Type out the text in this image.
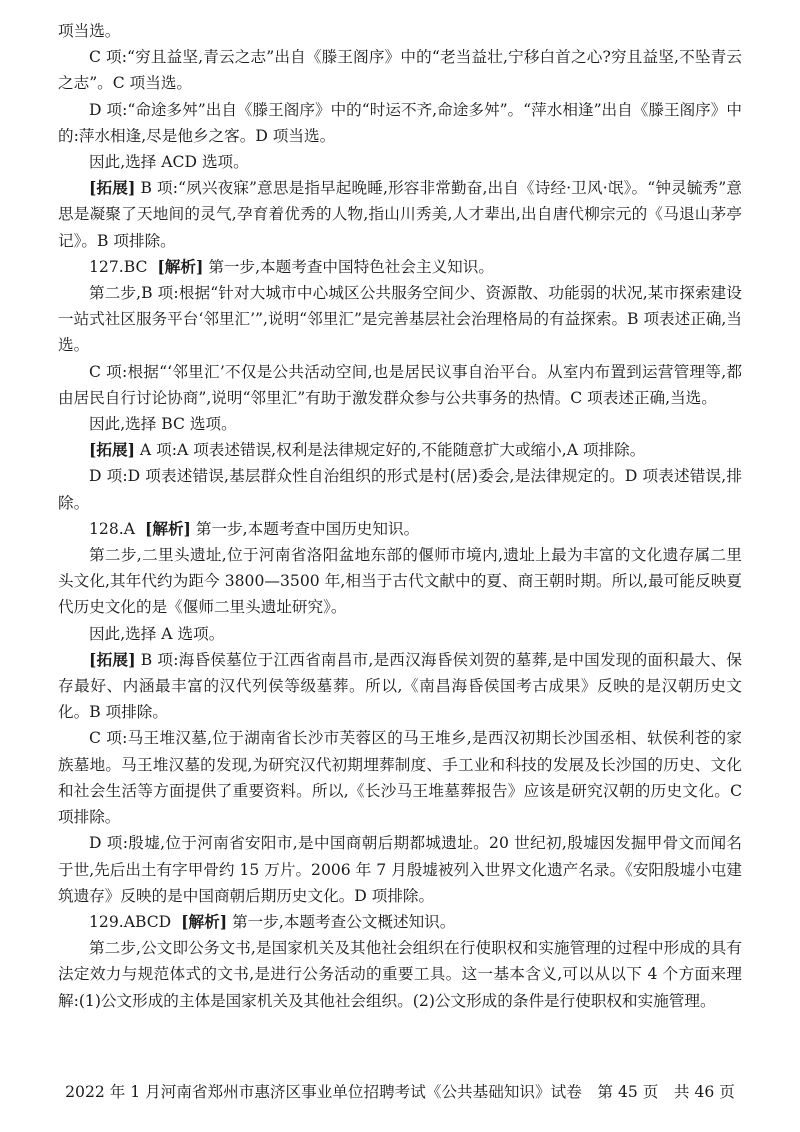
项当选。

C 项:“穷且益坚,青云之志”出自《滕王阁序》中的“老当益壮,宁移白首之心?穷且益坚,不坠青云之志”。C 项当选。

D 项:“命途多舛”出自《滕王阁序》中的“时运不齐,命途多舛”。“萍水相逢”出自《滕王阁序》中的:萍水相逢,尽是他乡之客。D 项当选。

因此,选择 ACD 选项。

[拓展] B 项:“夙兴夜寐”意思是指早起晚睡,形容非常勤奋,出自《诗经·卫风·氓》。“钟灵毓秀”意思是凝聚了天地间的灵气,孕育着优秀的人物,指山川秀美,人才辈出,出自唐代柳宗元的《马退山茅亭记》。B 项排除。

127.BC [解析] 第一步,本题考查中国特色社会主义知识。

第二步,B 项:根据“针对大城市中心城区公共服务空间少、资源散、功能弱的状况,某市探索建设一站式社区服务平台‘邻里汇’”,说明“邻里汇”是完善基层社会治理格局的有益探索。B 项表述正确,当选。

C 项:根据“‘邻里汇’不仅是公共活动空间,也是居民议事自治平台。从室内布置到运营管理等,都由居民自行讨论协商”,说明“邻里汇”有助于激发群众参与公共事务的热情。C 项表述正确,当选。

因此,选择 BC 选项。

[拓展] A 项:A 项表述错误,权利是法律规定好的,不能随意扩大或缩小,A 项排除。

D 项:D 项表述错误,基层群众性自治组织的形式是村(居)委会,是法律规定的。D 项表述错误,排除。

128.A [解析] 第一步,本题考查中国历史知识。

第二步,二里头遗址,位于河南省洛阳盆地东部的偃师市境内,遗址上最为丰富的文化遗存属二里头文化,其年代约为距今 3800—3500 年,相当于古代文献中的夏、商王朝时期。所以,最可能反映夏代历史文化的是《偃师二里头遗址研究》。

因此,选择 A 选项。

[拓展] B 项:海昏侯墓位于江西省南昌市,是西汉海昏侯刘贺的墓葬,是中国发现的面积最大、保存最好、内涵最丰富的汉代列侯等级墓葬。所以,《南昌海昏侯国考古成果》反映的是汉朝历史文化。B 项排除。

C 项:马王堆汉墓,位于湖南省长沙市芙蓉区的马王堆乡,是西汉初期长沙国丞相、轪侯利苍的家族墓地。马王堆汉墓的发现,为研究汉代初期埋葬制度、手工业和科技的发展及长沙国的历史、文化和社会生活等方面提供了重要资料。所以,《长沙马王堆墓葬报告》应该是研究汉朝的历史文化。C 项排除。

D 项:殷墟,位于河南省安阳市,是中国商朝后期都城遗址。20 世纪初,殷墟因发掘甲骨文而闻名于世,先后出土有字甲骨约 15 万片。2006 年 7 月殷墟被列入世界文化遗产名录。《安阳殷墟小屯建筑遗存》反映的是中国商朝后期历史文化。D 项排除。

129.ABCD [解析] 第一步,本题考查公文概述知识。

第二步,公文即公务文书,是国家机关及其他社会组织在行使职权和实施管理的过程中形成的具有法定效力与规范体式的文书,是进行公务活动的重要工具。这一基本含义,可以从以下 4 个方面来理解:(1)公文形成的主体是国家机关及其他社会组织。(2)公文形成的条件是行使职权和实施管理。

2022 年 1 月河南省郑州市惠济区事业单位招聘考试《公共基础知识》试卷　第 45 页　共 46 页
